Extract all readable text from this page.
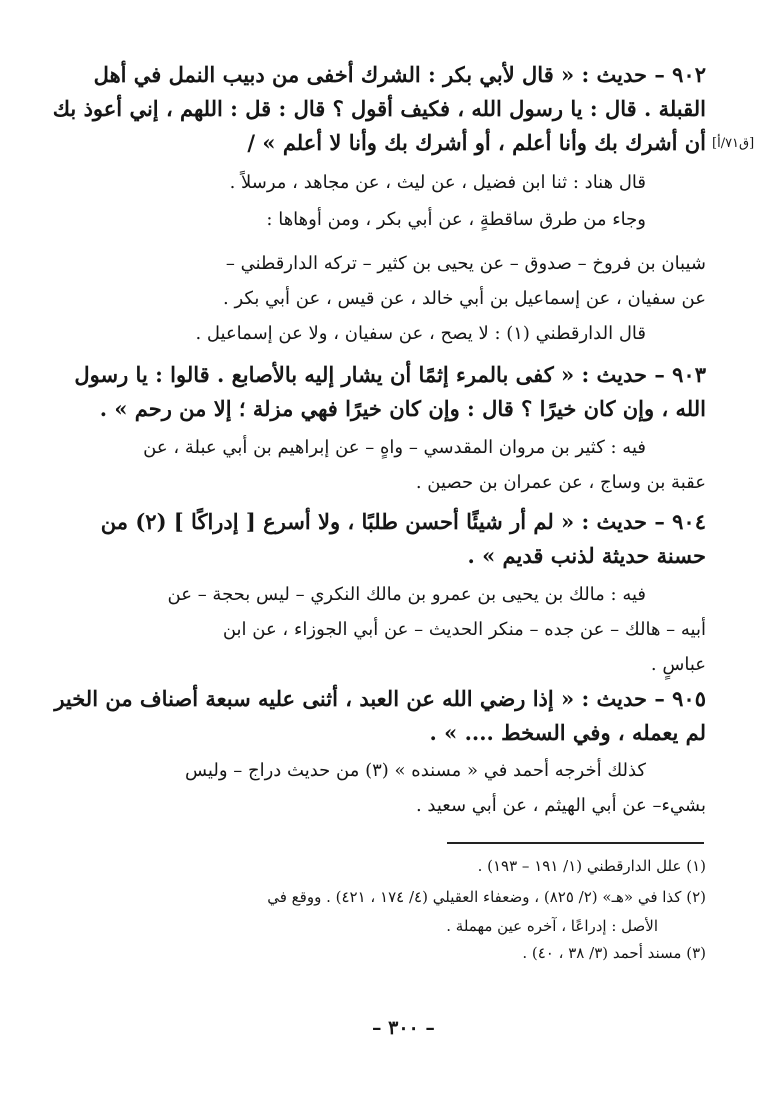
٩٠٢ – حديث : « قال لأبي بكر : الشرك أخفى من دبيب النمل في أهل
القبلة . قال : يا رسول الله ، فكيف أقول ؟ قال : قل : اللهم ، إني أعوذ بك
أن أشرك بك وأنا أعلم ، أو أشرك بك وأنا لا أعلم » / [ق٧١/أ]
قال هناد : ثنا ابن فضيل ، عن ليث ، عن مجاهد ، مرسلاً .
وجاء من طرق ساقطةٍ ، عن أبي بكر ، ومن أوهاها :
شيبان بن فروخ – صدوق – عن يحيى بن كثير – تركه الدارقطني –
عن سفيان ، عن إسماعيل بن أبي خالد ، عن قيس ، عن أبي بكر .
قال الدارقطني (١) : لا يصح ، عن سفيان ، ولا عن إسماعيل .
٩٠٣ – حديث : « كفى بالمرء إثمًا أن يشار إليه بالأصابع . قالوا : يا رسول
الله ، وإن كان خيرًا ؟ قال : وإن كان خيرًا فهي مزلة ؛ إلا من رحم » .
فيه : كثير بن مروان المقدسي – واهٍ – عن إبراهيم بن أبي عبلة ، عن
عقبة بن وساج ، عن عمران بن حصين .
٩٠٤ – حديث : « لم أر شيئًا أحسن طلبًا ، ولا أسرع [ إدراكًا ] (٢) من
حسنة حديثة لذنب قديم » .
فيه : مالك بن يحيى بن عمرو بن مالك النكري – ليس بحجة – عن
أبيه – هالك – عن جده – منكر الحديث – عن أبي الجوزاء ، عن ابن
عباسٍ .
٩٠٥ – حديث : « إذا رضي الله عن العبد ، أثنى عليه سبعة أصناف من الخير
لم يعمله ، وفي السخط .... » .
كذلك أخرجه أحمد في « مسنده » (٣) من حديث دراج – وليس
بشيء– عن أبي الهيثم ، عن أبي سعيد .
(١) علل الدارقطني (١/ ١٩١ – ١٩٣) .
(٢) كذا في «هـ» (٢/ ٨٢٥) ، وضعفاء العقيلي (٤/ ١٧٤ ، ٤٢١) . ووقع في
الأصل : إدراعًا ، آخره عين مهملة .
(٣) مسند أحمد (٣/ ٣٨ ، ٤٠) .
– ٣٠٠ –
